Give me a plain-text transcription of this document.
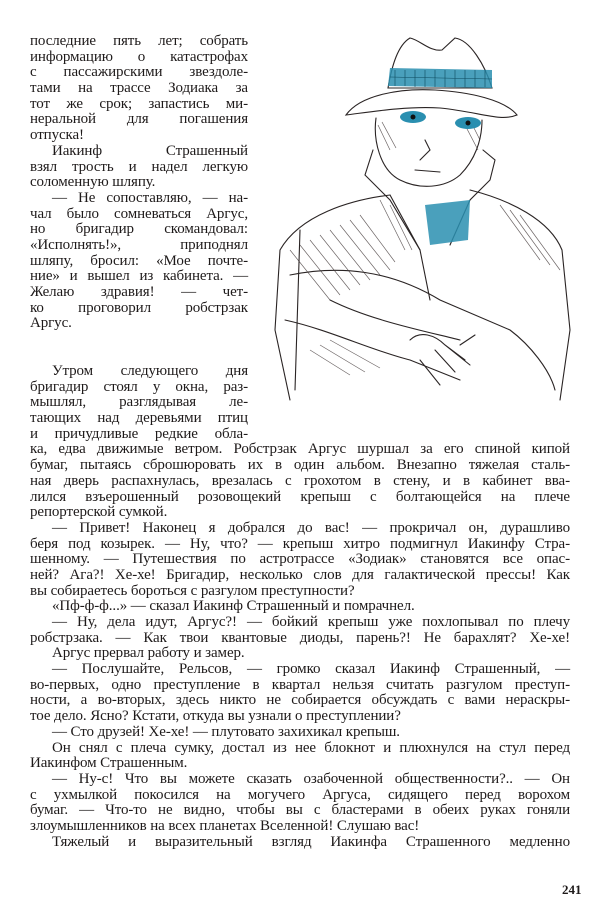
последние пять лет; собрать
информацию о катастрофах
с пассажирскими звездоле-
тами на трассе Зодиака за
тот же срок; запастись ми-
неральной для погашения
отпуска!
Иакинф Страшенный
взял трость и надел легкую
соломенную шляпу.
— Не сопоставляю, — на-
чал было сомневаться Аргус,
но бригадир скомандовал:
«Исполнять!», приподнял
шляпу, бросил: «Мое почте-
ние» и вышел из кабинета. —
Желаю здравия! — чет-
ко проговорил робстрзак
Аргус.
Утром следующего дня
бригадир стоял у окна, раз-
мышлял, разглядывая ле-
тающих над деревьями птиц
и причудливые редкие обла-
ка, едва движимые ветром. Робстрзак Аргус шуршал за его спиной кипой
бумаг, пытаясь сброшюровать их в один альбом. Внезапно тяжелая сталь-
ная дверь распахнулась, врезалась с грохотом в стену, и в кабинет вва-
лился взъерошенный розовощекий крепыш с болтающейся на плече
репортерской сумкой.
— Привет! Наконец я добрался до вас! — прокричал он, дурашливо
беря под козырек. — Ну, что? — крепыш хитро подмигнул Иакинфу Стра-
шенному. — Путешествия по астротрассе «Зодиак» становятся все опас-
ней? Ага?! Хе-хе! Бригадир, несколько слов для галактической прессы! Как
вы собираетесь бороться с разгулом преступности?
«Пф-ф-ф...» — сказал Иакинф Страшенный и помрачнел.
— Ну, дела идут, Аргус?! — бойкий крепыш уже похлопывал по плечу
робстрзака. — Как твои квантовые диоды, парень?! Не барахлят? Хе-хе!
Аргус прервал работу и замер.
— Послушайте, Рельсов, — громко сказал Иакинф Страшенный, —
во-первых, одно преступление в квартал нельзя считать разгулом преступ-
ности, а во-вторых, здесь никто не собирается обсуждать с вами нераскры-
тое дело. Ясно? Кстати, откуда вы узнали о преступлении?
— Сто друзей! Хе-хе! — плутовато захихикал крепыш.
Он снял с плеча сумку, достал из нее блокнот и плюхнулся на стул перед
Иакинфом Страшенным.
— Ну-с! Что вы можете сказать озабоченной общественности?.. — Он
с ухмылкой покосился на могучего Аргуса, сидящего перед ворохом
бумаг. — Что-то не видно, чтобы вы с бластерами в обеих руках гоняли
злоумышленников на всех планетах Вселенной! Слушаю вас!
Тяжелый и выразительный взгляд Иакинфа Страшенного медленно
241
